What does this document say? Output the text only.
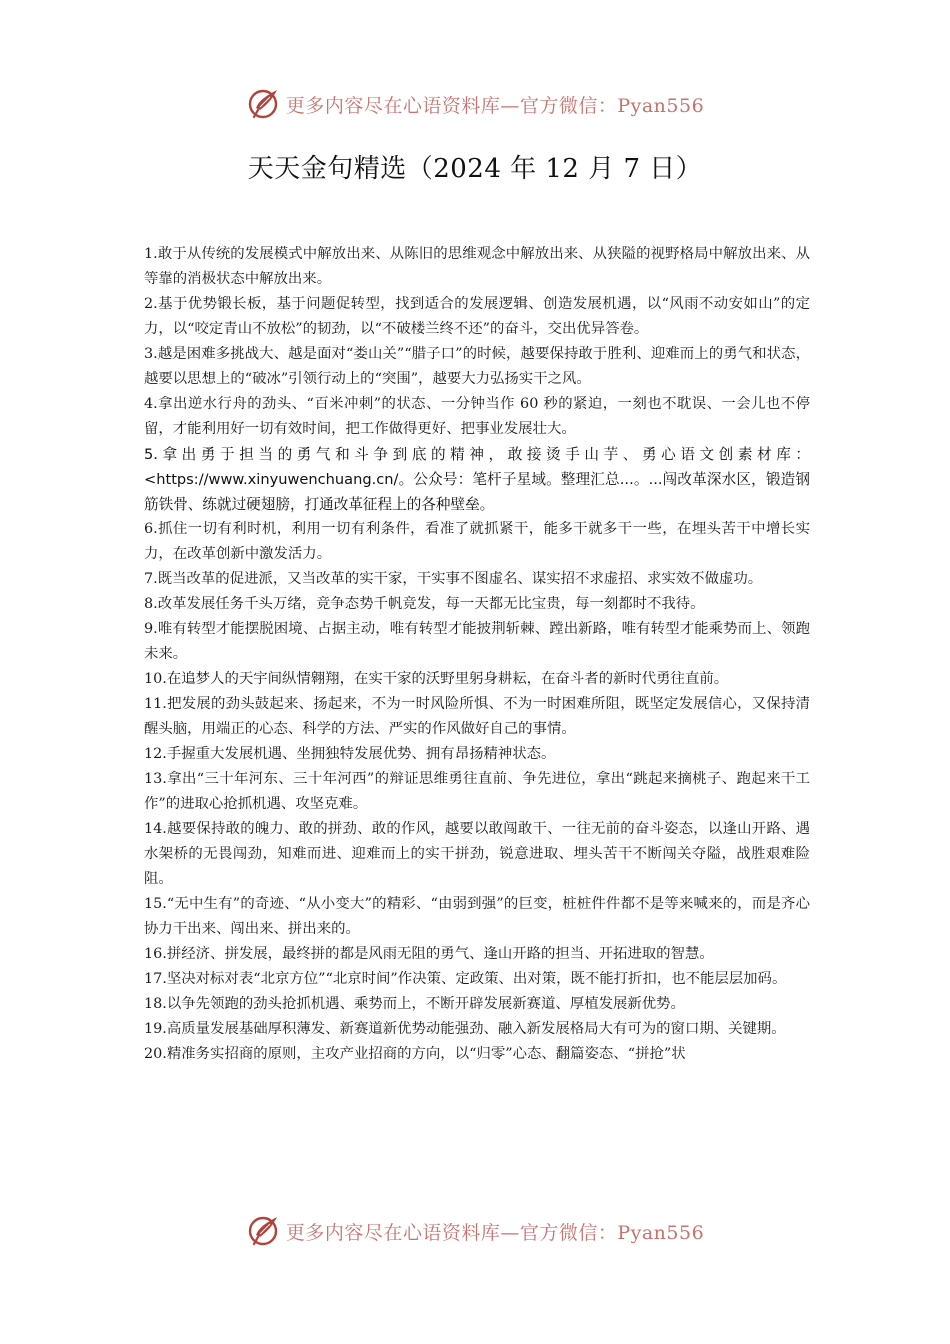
更多内容尽在心语资料库—官方微信：Pyan556
天天金句精选（2024 年 12 月 7 日）

1.敢于从传统的发展模式中解放出来、从陈旧的思维观念中解放出来、从狭隘的视野格局中解放出来、从等靠的消极状态中解放出来。

2.基于优势锻长板，基于问题促转型，找到适合的发展逻辑、创造发展机遇，以“风雨不动安如山”的定力，以“咬定青山不放松”的韧劲，以“不破楼兰终不还”的奋斗，交出优异答卷。

3.越是困难多挑战大、越是面对“娄山关”“腊子口”的时候，越要保持敢于胜利、迎难而上的勇气和状态，越要以思想上的“破冰”引领行动上的“突围”，越要大力弘扬实干之风。

4.拿出逆水行舟的劲头、“百米冲刺”的状态、一分钟当作 60 秒的紧迫，一刻也不耽误、一会儿也不停留，才能利用好一切有效时间，把工作做得更好、把事业发展壮大。

5.拿出勇于担当的勇气和斗争到底的精神，敢接烫手山芋、勇心语文创素材库：<https://www.xinyuwenchuang.cn/。公众号：笔杆子星域。整理汇总...。...闯改革深水区，锻造钢筋铁骨、练就过硬翅膀，打通改革征程上的各种壁垒。

6.抓住一切有利时机，利用一切有利条件，看准了就抓紧干，能多干就多干一些，在埋头苦干中增长实力，在改革创新中激发活力。

7.既当改革的促进派，又当改革的实干家，干实事不图虚名、谋实招不求虚招、求实效不做虚功。

8.改革发展任务千头万绪，竞争态势千帆竞发，每一天都无比宝贵，每一刻都时不我待。

9.唯有转型才能摆脱困境、占据主动，唯有转型才能披荆斩棘、蹚出新路，唯有转型才能乘势而上、领跑未来。

10.在追梦人的天宇间纵情翱翔，在实干家的沃野里躬身耕耘，在奋斗者的新时代勇往直前。

11.把发展的劲头鼓起来、扬起来，不为一时风险所惧、不为一时困难所阻，既坚定发展信心，又保持清醒头脑，用端正的心态、科学的方法、严实的作风做好自己的事情。

12.手握重大发展机遇、坐拥独特发展优势、拥有昂扬精神状态。

13.拿出“三十年河东、三十年河西”的辩证思维勇往直前、争先进位，拿出“跳起来摘桃子、跑起来干工作”的进取心抢抓机遇、攻坚克难。

14.越要保持敢的魄力、敢的拼劲、敢的作风，越要以敢闯敢干、一往无前的奋斗姿态，以逢山开路、遇水架桥的无畏闯劲，知难而进、迎难而上的实干拼劲，锐意进取、埋头苦干不断闯关夺隘，战胜艰难险阻。

15.“无中生有”的奇迹、“从小变大”的精彩、“由弱到强”的巨变，桩桩件件都不是等来喊来的，而是齐心协力干出来、闯出来、拼出来的。

16.拼经济、拼发展，最终拼的都是风雨无阻的勇气、逢山开路的担当、开拓进取的智慧。

17.坚决对标对表“北京方位”“北京时间”作决策、定政策、出对策，既不能打折扣，也不能层层加码。

18.以争先领跑的劲头抢抓机遇、乘势而上，不断开辟发展新赛道、厚植发展新优势。

19.高质量发展基础厚积薄发、新赛道新优势动能强劲、融入新发展格局大有可为的窗口期、关键期。

20.精准务实招商的原则，主攻产业招商的方向，以“归零”心态、翻篇姿态、“拼抢”状

更多内容尽在心语资料库—官方微信：Pyan556
